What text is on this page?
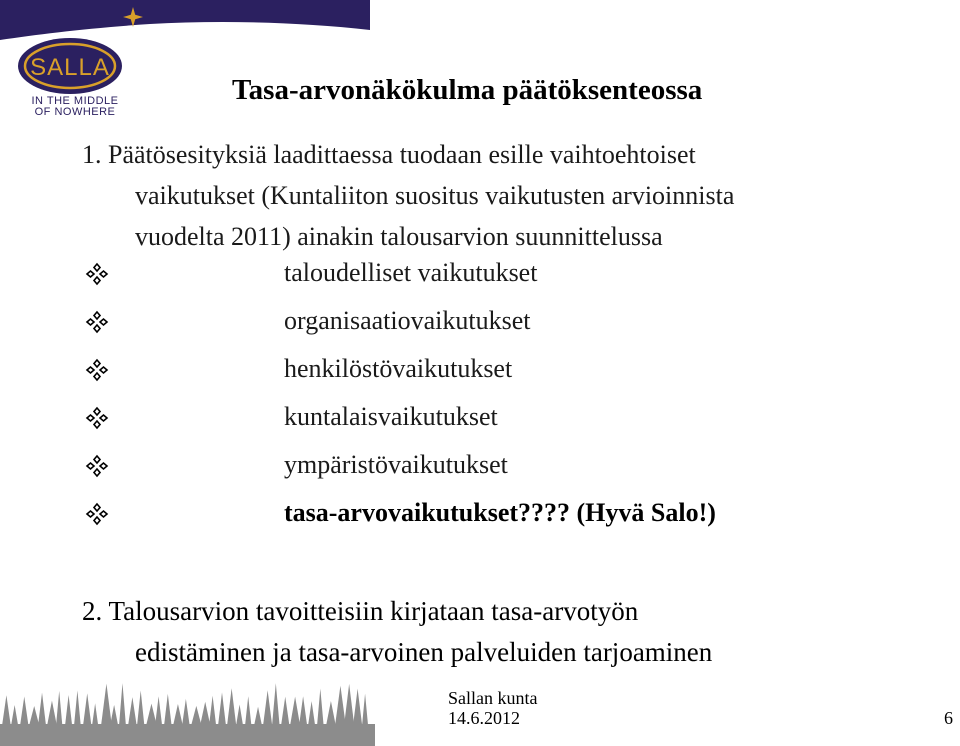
SALLA
IN THE MIDDLE
OF NOWHERE
Tasa-arvonäkökulma päätöksenteossa
1. Päätösesityksiä laadittaessa tuodaan esille vaihtoehtoiset
vaikutukset (Kuntaliiton suositus vaikutusten arvioinnista
vuodelta 2011) ainakin talousarvion suunnittelussa
taloudelliset vaikutukset
organisaatiovaikutukset
henkilöstövaikutukset
kuntalaisvaikutukset
ympäristövaikutukset
tasa-arvovaikutukset???? (Hyvä Salo!)
2. Talousarvion tavoitteisiin kirjataan tasa-arvotyön
edistäminen ja tasa-arvoinen palveluiden tarjoaminen
Sallan kunta
14.6.2012	6
